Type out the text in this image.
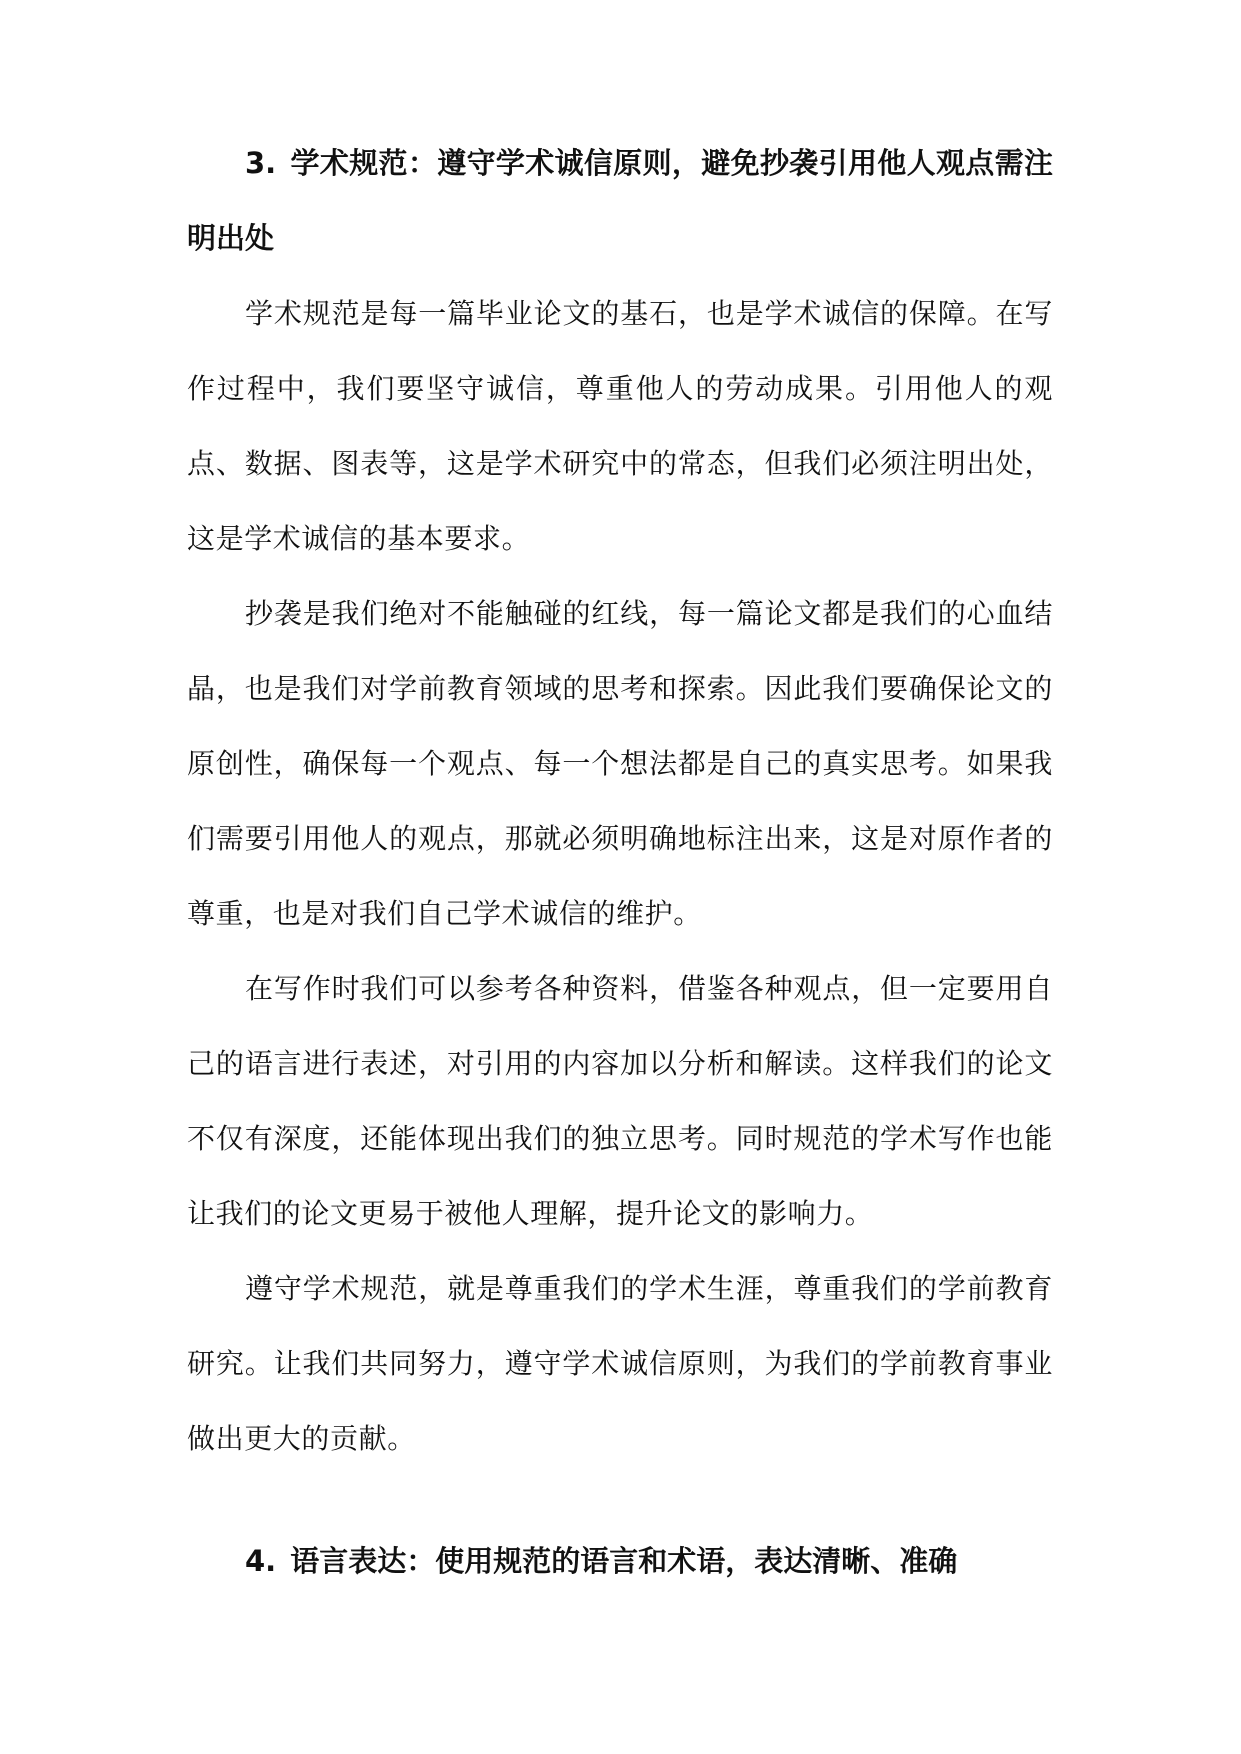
3. 学术规范：遵守学术诚信原则，避免抄袭引用他人观点需注明出处

学术规范是每一篇毕业论文的基石，也是学术诚信的保障。在写作过程中，我们要坚守诚信，尊重他人的劳动成果。引用他人的观点、数据、图表等，这是学术研究中的常态，但我们必须注明出处，这是学术诚信的基本要求。

抄袭是我们绝对不能触碰的红线，每一篇论文都是我们的心血结晶，也是我们对学前教育领域的思考和探索。因此我们要确保论文的原创性，确保每一个观点、每一个想法都是自己的真实思考。如果我们需要引用他人的观点，那就必须明确地标注出来，这是对原作者的尊重，也是对我们自己学术诚信的维护。

在写作时我们可以参考各种资料，借鉴各种观点，但一定要用自己的语言进行表述，对引用的内容加以分析和解读。这样我们的论文不仅有深度，还能体现出我们的独立思考。同时规范的学术写作也能让我们的论文更易于被他人理解，提升论文的影响力。

遵守学术规范，就是尊重我们的学术生涯，尊重我们的学前教育研究。让我们共同努力，遵守学术诚信原则，为我们的学前教育事业做出更大的贡献。

4. 语言表达：使用规范的语言和术语，表达清晰、准确
